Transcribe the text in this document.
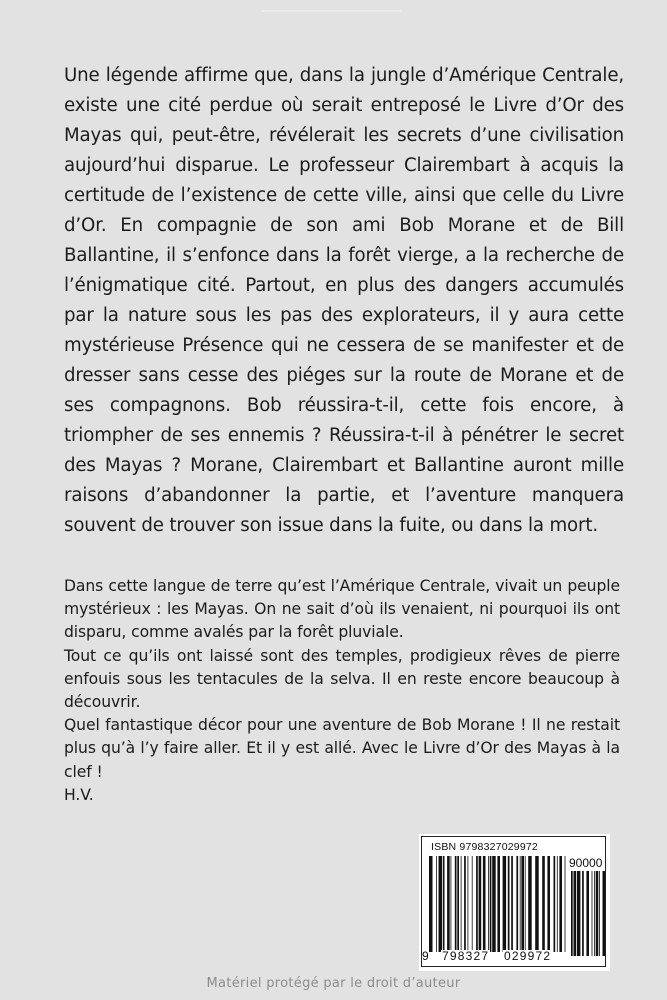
Une légende affirme que, dans la jungle d’Amérique Centrale, existe une cité perdue où serait entreposé le Livre d’Or des Mayas qui, peut-être, révélerait les secrets d’une civilisation aujourd’hui disparue. Le professeur Clairembart à acquis la certitude de l’existence de cette ville, ainsi que celle du Livre d’Or. En compagnie de son ami Bob Morane et de Bill Ballantine, il s’enfonce dans la forêt vierge, a la recherche de l’énigmatique cité. Partout, en plus des dangers accumulés par la nature sous les pas des explorateurs, il y aura cette mystérieuse Présence qui ne cessera de se manifester et de dresser sans cesse des piéges sur la route de Morane et de ses compagnons. Bob réussira-t-il, cette fois encore, à triompher de ses ennemis ? Réussira-t-il à pénétrer le secret des Mayas ? Morane, Clairembart et Ballantine auront mille raisons d’abandonner la partie, et l’aventure manquera souvent de trouver son issue dans la fuite, ou dans la mort.

Dans cette langue de terre qu’est l’Amérique Centrale, vivait un peuple mystérieux : les Mayas. On ne sait d’où ils venaient, ni pourquoi ils ont disparu, comme avalés par la forêt pluviale.

Tout ce qu’ils ont laissé sont des temples, prodigieux rêves de pierre enfouis sous les tentacules de la selva. Il en reste encore beaucoup à découvrir.

Quel fantastique décor pour une aventure de Bob Morane ! Il ne restait plus qu’à l’y faire aller. Et il y est allé. Avec le Livre d’Or des Mayas à la clef !

H.V.

ISBN 9798327029972
90000
9 798327 029972
Matériel protégé par le droit d’auteur
